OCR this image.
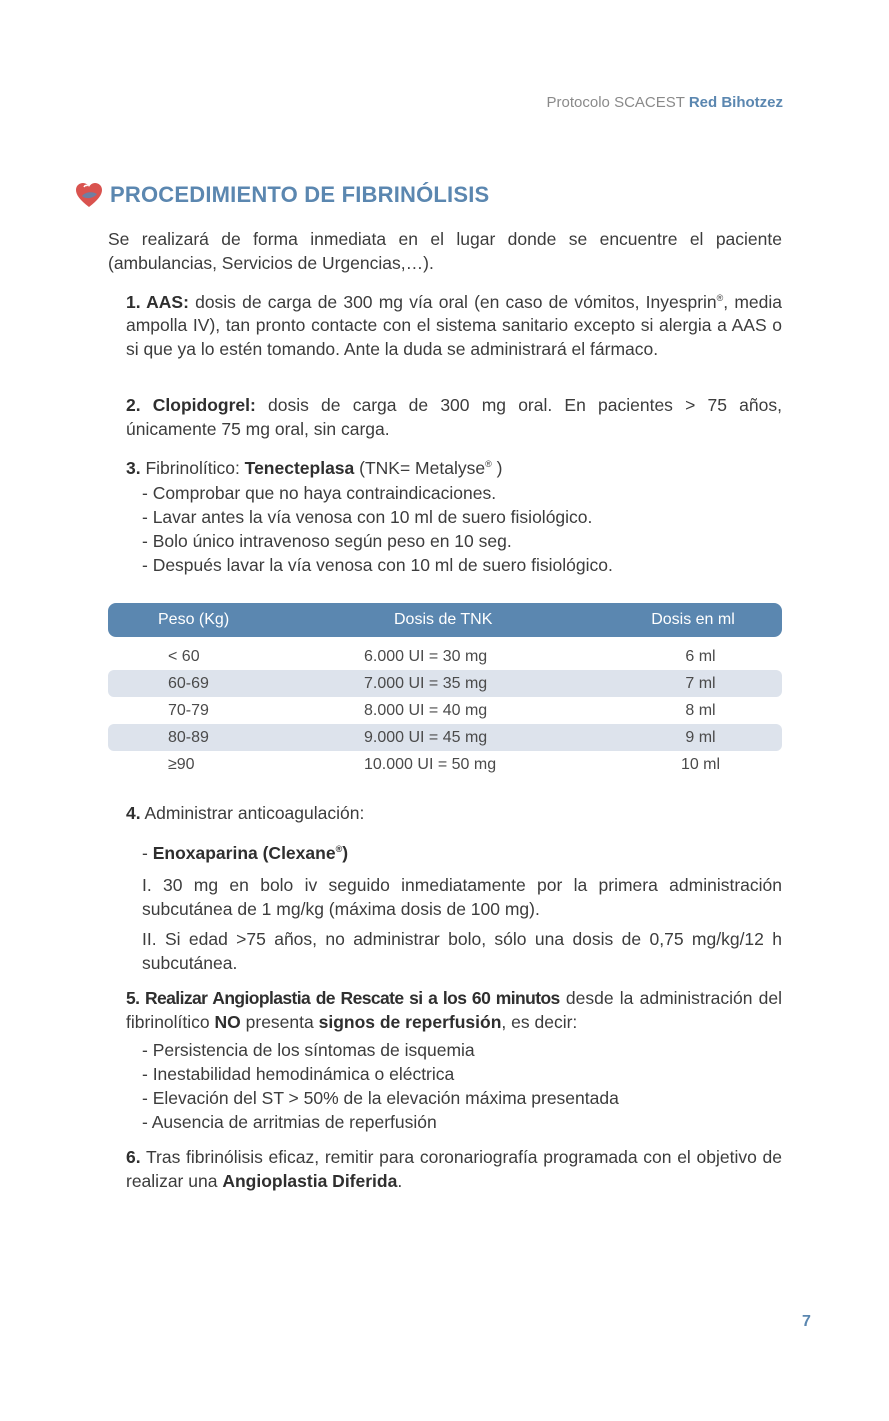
Protocolo SCACEST Red Bihotzez
PROCEDIMIENTO DE FIBRINÓLISIS
Se realizará de forma inmediata en el lugar donde se encuentre el paciente (ambulancias, Servicios de Urgencias,…).
1. AAS: dosis de carga de 300 mg vía oral (en caso de vómitos, Inyesprin®, media ampolla IV), tan pronto contacte con el sistema sanitario excepto si alergia a AAS o si que ya lo estén tomando. Ante la duda se administrará el fármaco.
2. Clopidogrel: dosis de carga de 300 mg oral. En pacientes > 75 años, únicamente 75 mg oral, sin carga.
3. Fibrinolítico: Tenecteplasa (TNK= Metalyse® )
- Comprobar que no haya contraindicaciones.
- Lavar antes la vía venosa con 10 ml de suero fisiológico.
- Bolo único intravenoso según peso en 10 seg.
- Después lavar la vía venosa con 10 ml de suero fisiológico.
Peso (Kg)	Dosis de TNK	Dosis en ml
< 60	6.000 UI = 30 mg	6 ml
60-69	7.000 UI = 35 mg	7 ml
70-79	8.000 UI = 40 mg	8 ml
80-89	9.000 UI = 45 mg	9 ml
≥90	10.000 UI = 50 mg	10 ml
4. Administrar anticoagulación:
- Enoxaparina (Clexane®)
I. 30 mg en bolo iv seguido inmediatamente por la primera administración subcutánea de 1 mg/kg (máxima dosis de 100 mg).
II. Si edad >75 años, no administrar bolo, sólo una dosis de 0,75 mg/kg/12 h subcutánea.
5. Realizar Angioplastia de Rescate si a los 60 minutos desde la administración del fibrinolítico NO presenta signos de reperfusión, es decir:
- Persistencia de los síntomas de isquemia
- Inestabilidad hemodinámica o eléctrica
- Elevación del ST > 50% de la elevación máxima presentada
- Ausencia de arritmias de reperfusión
6. Tras fibrinólisis eficaz, remitir para coronariografía programada con el objetivo de realizar una Angioplastia Diferida.
7
